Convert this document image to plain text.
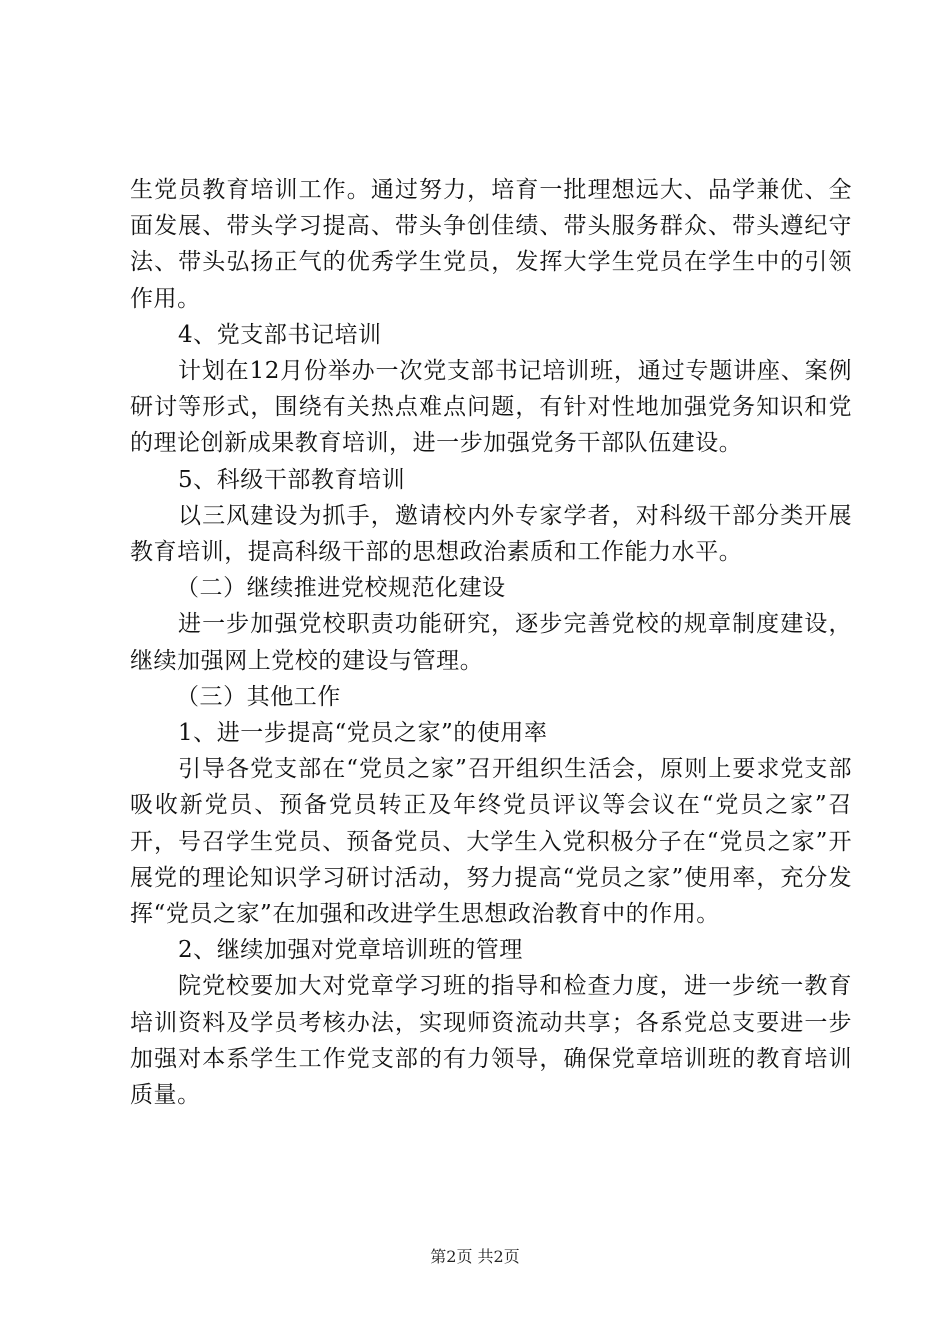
生党员教育培训工作。通过努力，培育一批理想远大、品学兼优、全面发展、带头学习提高、带头争创佳绩、带头服务群众、带头遵纪守法、带头弘扬正气的优秀学生党员，发挥大学生党员在学生中的引领作用。

4、党支部书记培训

计划在12月份举办一次党支部书记培训班，通过专题讲座、案例研讨等形式，围绕有关热点难点问题，有针对性地加强党务知识和党的理论创新成果教育培训，进一步加强党务干部队伍建设。

5、科级干部教育培训

以三风建设为抓手，邀请校内外专家学者，对科级干部分类开展教育培训，提高科级干部的思想政治素质和工作能力水平。

（二）继续推进党校规范化建设

进一步加强党校职责功能研究，逐步完善党校的规章制度建设，继续加强网上党校的建设与管理。

（三）其他工作

1、进一步提高“党员之家”的使用率

引导各党支部在“党员之家”召开组织生活会，原则上要求党支部吸收新党员、预备党员转正及年终党员评议等会议在“党员之家”召开，号召学生党员、预备党员、大学生入党积极分子在“党员之家”开展党的理论知识学习研讨活动，努力提高“党员之家”使用率，充分发挥“党员之家”在加强和改进学生思想政治教育中的作用。

2、继续加强对党章培训班的管理

院党校要加大对党章学习班的指导和检查力度，进一步统一教育培训资料及学员考核办法，实现师资流动共享；各系党总支要进一步加强对本系学生工作党支部的有力领导，确保党章培训班的教育培训质量。

第2页 共2页
